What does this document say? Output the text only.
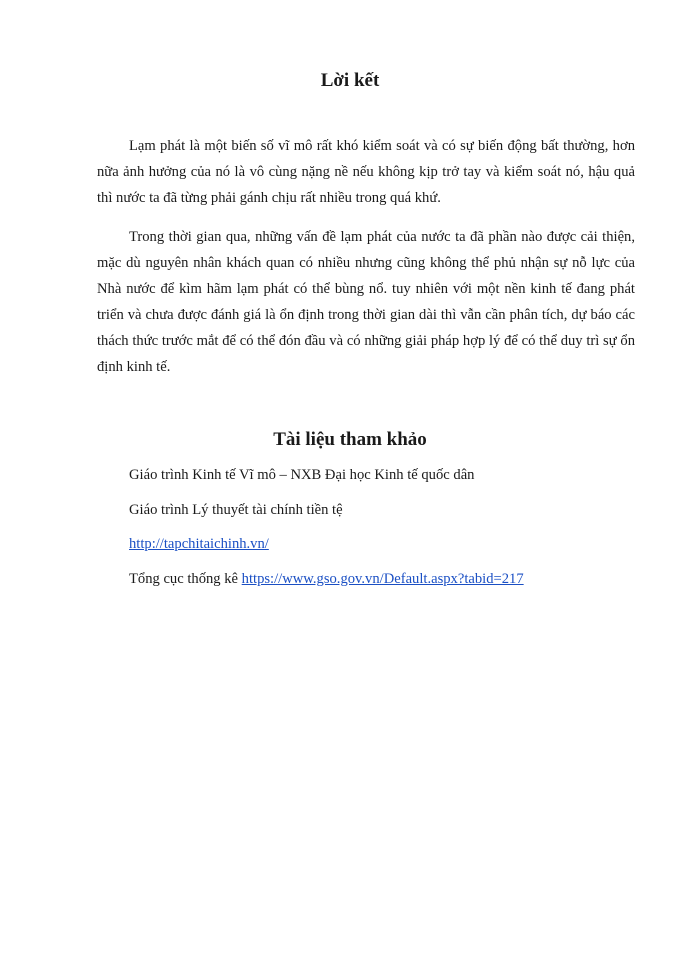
Lời kết

Lạm phát là một biến số vĩ mô rất khó kiểm soát và có sự biến động bất thường, hơn nữa ảnh hưởng của nó là vô cùng nặng nề nếu không kịp trở tay và kiểm soát nó, hậu quả thì nước ta đã từng phải gánh chịu rất nhiều trong quá khứ.

Trong thời gian qua, những vấn đề lạm phát của nước ta đã phần nào được cải thiện, mặc dù nguyên nhân khách quan có nhiều nhưng cũng không thể phủ nhận sự nỗ lực của Nhà nước để kìm hãm lạm phát có thể bùng nổ. tuy nhiên với một nền kinh tế đang phát triển và chưa được đánh giá là ổn định trong thời gian dài thì vẫn cần phân tích, dự báo các thách thức trước mắt để có thể đón đầu và có những giải pháp hợp lý để có thể duy trì sự ổn định kinh tế.

Tài liệu tham khảo
Giáo trình Kinh tế Vĩ mô – NXB Đại học Kinh tế quốc dân
Giáo trình Lý thuyết tài chính tiền tệ
http://tapchitaichinh.vn/
Tổng cục thống kê https://www.gso.gov.vn/Default.aspx?tabid=217
